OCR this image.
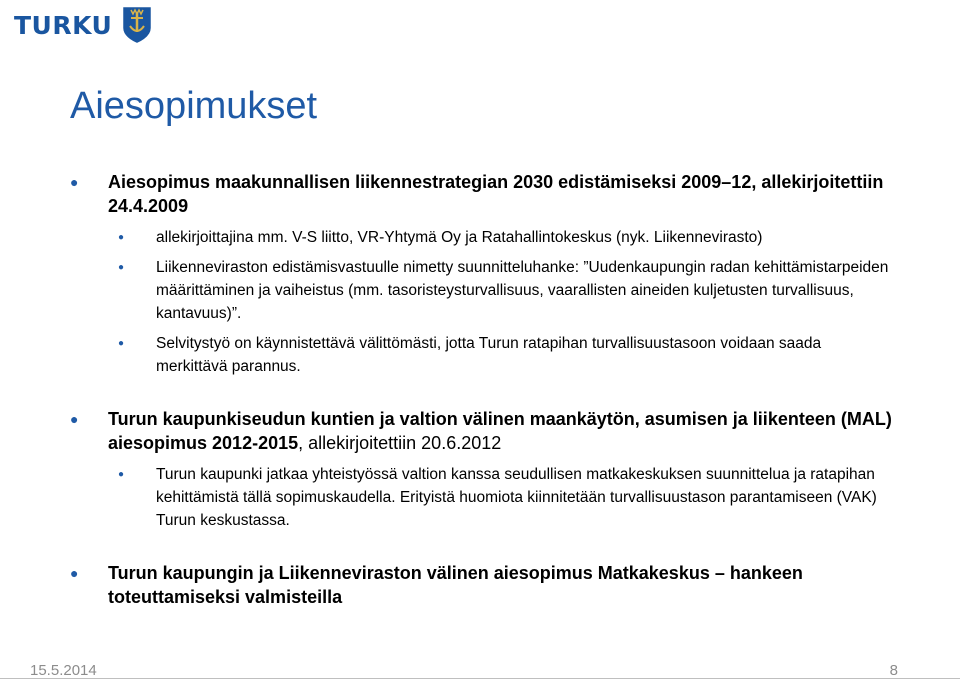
TURKU
Aiesopimukset
● Aiesopimus maakunnallisen liikennestrategian 2030 edistämiseksi 2009–12, allekirjoitettiin 24.4.2009
● allekirjoittajina mm. V-S liitto, VR-Yhtymä Oy ja Ratahallintokeskus (nyk. Liikennevirasto)
● Liikenneviraston edistämisvastuulle nimetty suunnitteluhanke: ”Uudenkaupungin radan kehittämistarpeiden määrittäminen ja vaiheistus (mm. tasoristeysturvallisuus, vaarallisten aineiden kuljetusten turvallisuus, kantavuus)”.
● Selvitystyö on käynnistettävä välittömästi, jotta Turun ratapihan turvallisuustasoon voidaan saada merkittävä parannus.
● Turun kaupunkiseudun kuntien ja valtion välinen maankäytön, asumisen ja liikenteen (MAL) aiesopimus 2012-2015, allekirjoitettiin 20.6.2012
● Turun kaupunki jatkaa yhteistyössä valtion kanssa seudullisen matkakeskuksen suunnittelua ja ratapihan kehittämistä tällä sopimuskaudella. Erityistä huomiota kiinnitetään turvallisuustason parantamiseen (VAK) Turun keskustassa.
● Turun kaupungin ja Liikenneviraston välinen aiesopimus Matkakeskus – hankeen toteuttamiseksi valmisteilla
15.5.2014	8
